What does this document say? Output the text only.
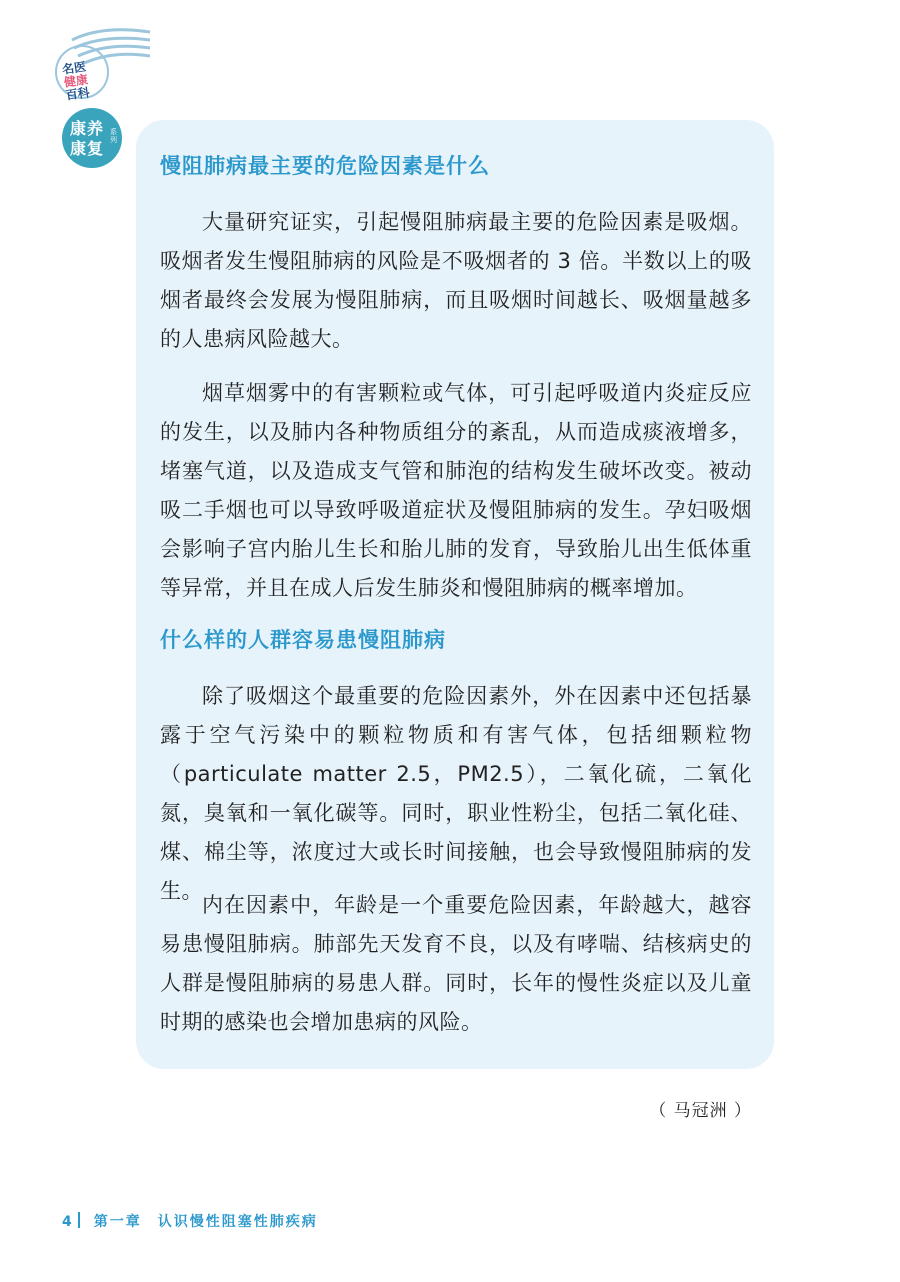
名医
健康
百科
康养
康复
系列
慢阻肺病最主要的危险因素是什么

大量研究证实，引起慢阻肺病最主要的危险因素是吸烟。吸烟者发生慢阻肺病的风险是不吸烟者的 3 倍。半数以上的吸烟者最终会发展为慢阻肺病，而且吸烟时间越长、吸烟量越多的人患病风险越大。

烟草烟雾中的有害颗粒或气体，可引起呼吸道内炎症反应的发生，以及肺内各种物质组分的紊乱，从而造成痰液增多，堵塞气道，以及造成支气管和肺泡的结构发生破坏改变。被动吸二手烟也可以导致呼吸道症状及慢阻肺病的发生。孕妇吸烟会影响子宫内胎儿生长和胎儿肺的发育，导致胎儿出生低体重等异常，并且在成人后发生肺炎和慢阻肺病的概率增加。

什么样的人群容易患慢阻肺病

除了吸烟这个最重要的危险因素外，外在因素中还包括暴露于空气污染中的颗粒物质和有害气体，包括细颗粒物（particulate matter 2.5，PM2.5），二氧化硫，二氧化氮，臭氧和一氧化碳等。同时，职业性粉尘，包括二氧化硅、煤、棉尘等，浓度过大或长时间接触，也会导致慢阻肺病的发生。

内在因素中，年龄是一个重要危险因素，年龄越大，越容易患慢阻肺病。肺部先天发育不良，以及有哮喘、结核病史的人群是慢阻肺病的易患人群。同时，长年的慢性炎症以及儿童时期的感染也会增加患病的风险。

（ 马冠洲 ）
4 第一章　认识慢性阻塞性肺疾病
